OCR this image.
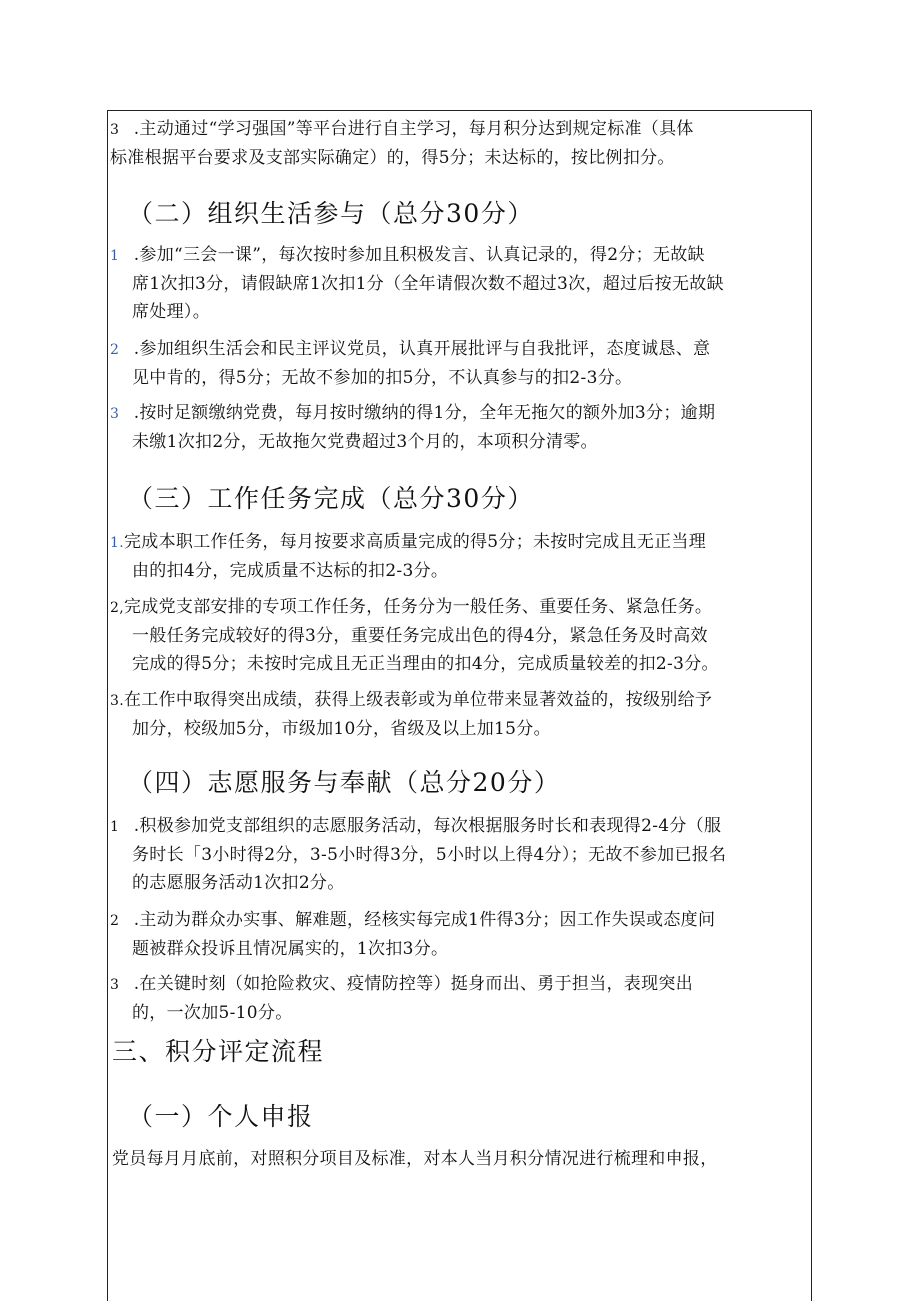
3 .主动通过“学习强国”等平台进行自主学习，每月积分达到规定标准（具体
标准根据平台要求及支部实际确定）的，得5分；未达标的，按比例扣分。
（二）组织生活参与（总分30分）
1 .参加“三会一课”，每次按时参加且积极发言、认真记录的，得2分；无故缺
席1次扣3分，请假缺席1次扣1分（全年请假次数不超过3次，超过后按无故缺
席处理）。
2 .参加组织生活会和民主评议党员，认真开展批评与自我批评，态度诚恳、意
见中肯的，得5分；无故不参加的扣5分，不认真参与的扣2-3分。
3 .按时足额缴纳党费，每月按时缴纳的得1分，全年无拖欠的额外加3分；逾期
未缴1次扣2分，无故拖欠党费超过3个月的，本项积分清零。
（三）工作任务完成（总分30分）
1.完成本职工作任务，每月按要求高质量完成的得5分；未按时完成且无正当理
由的扣4分，完成质量不达标的扣2-3分。
2,完成党支部安排的专项工作任务，任务分为一般任务、重要任务、紧急任务。
一般任务完成较好的得3分，重要任务完成出色的得4分，紧急任务及时高效
完成的得5分；未按时完成且无正当理由的扣4分，完成质量较差的扣2-3分。
3.在工作中取得突出成绩，获得上级表彰或为单位带来显著效益的，按级别给予
加分，校级加5分，市级加10分，省级及以上加15分。
（四）志愿服务与奉献（总分20分）
1 .积极参加党支部组织的志愿服务活动，每次根据服务时长和表现得2-4分（服
务时长「3小时得2分，3-5小时得3分，5小时以上得4分）；无故不参加已报名
的志愿服务活动1次扣2分。
2 .主动为群众办实事、解难题，经核实每完成1件得3分；因工作失误或态度问
题被群众投诉且情况属实的，1次扣3分。
3 .在关键时刻（如抢险救灾、疫情防控等）挺身而出、勇于担当，表现突出
的，一次加5-10分。
三、积分评定流程
（一）个人申报
党员每月月底前，对照积分项目及标准，对本人当月积分情况进行梳理和申报，
